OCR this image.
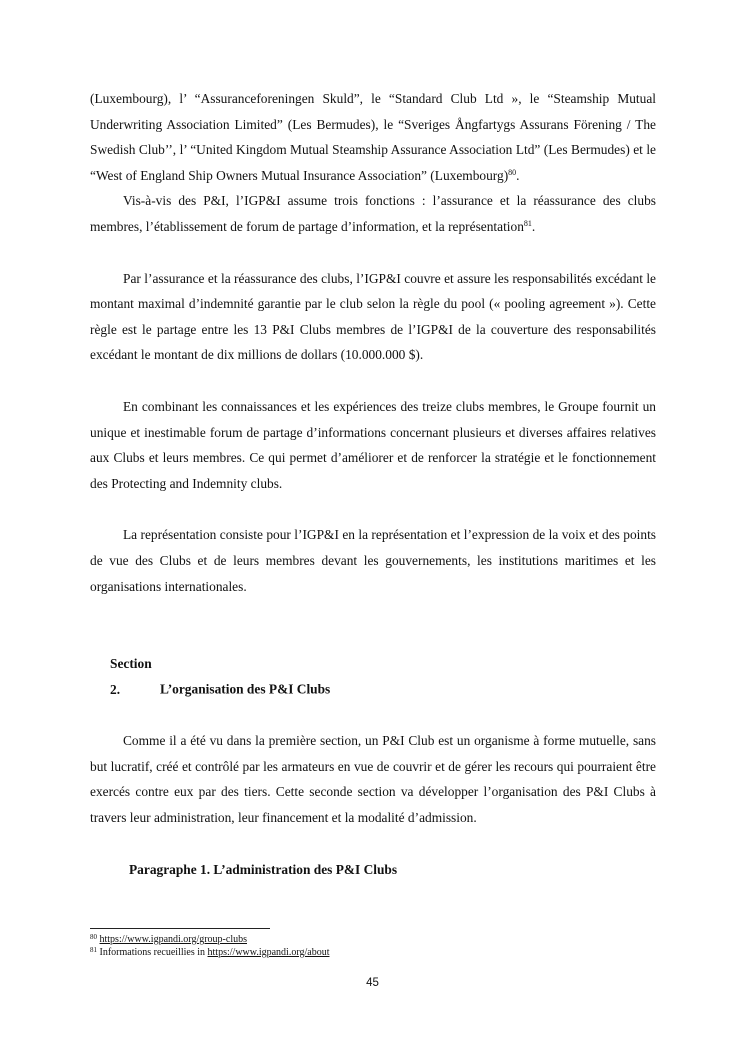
(Luxembourg), l’ “Assuranceforeningen Skuld”, le “Standard Club Ltd », le “Steamship Mutual Underwriting Association Limited” (Les Bermudes), le “Sveriges Ångfartygs Assurans Förening / The Swedish Club’’, l’ “United Kingdom Mutual Steamship Assurance Association Ltd” (Les Bermudes) et le “West of England Ship Owners Mutual Insurance Association” (Luxembourg)$^{80}$.

Vis-à-vis des P&I, l’IGP&I assume trois fonctions : l’assurance et la réassurance des clubs membres, l’établissement de forum de partage d’information, et la représentation$^{81}$.

Par l’assurance et la réassurance des clubs, l’IGP&I couvre et assure les responsabilités excédant le montant maximal d’indemnité garantie par le club selon la règle du pool (« pooling agreement »). Cette règle est le partage entre les 13 P&I Clubs membres de l’IGP&I de la couverture des responsabilités excédant le montant de dix millions de dollars (10.000.000 $).

En combinant les connaissances et les expériences des treize clubs membres, le Groupe fournit un unique et inestimable forum de partage d’informations concernant plusieurs et diverses affaires relatives aux Clubs et leurs membres. Ce qui permet d’améliorer et de renforcer la stratégie et le fonctionnement des Protecting and Indemnity clubs.

La représentation consiste pour l’IGP&I en la représentation et l’expression de la voix et des points de vue des Clubs et de leurs membres devant les gouvernements, les institutions maritimes et les organisations internationales.

Section 2.	L’organisation des P&I Clubs

Comme il a été vu dans la première section, un P&I Club est un organisme à forme mutuelle, sans but lucratif, créé et contrôlé par les armateurs en vue de couvrir et de gérer les recours qui pourraient être exercés contre eux par des tiers. Cette seconde section va développer l’organisation des P&I Clubs à travers leur administration, leur financement et la modalité d’admission.

Paragraphe 1. L’administration des P&I Clubs
$^{80}$ https://www.igpandi.org/group-clubs
$^{81}$ Informations recueillies in https://www.igpandi.org/about
45
